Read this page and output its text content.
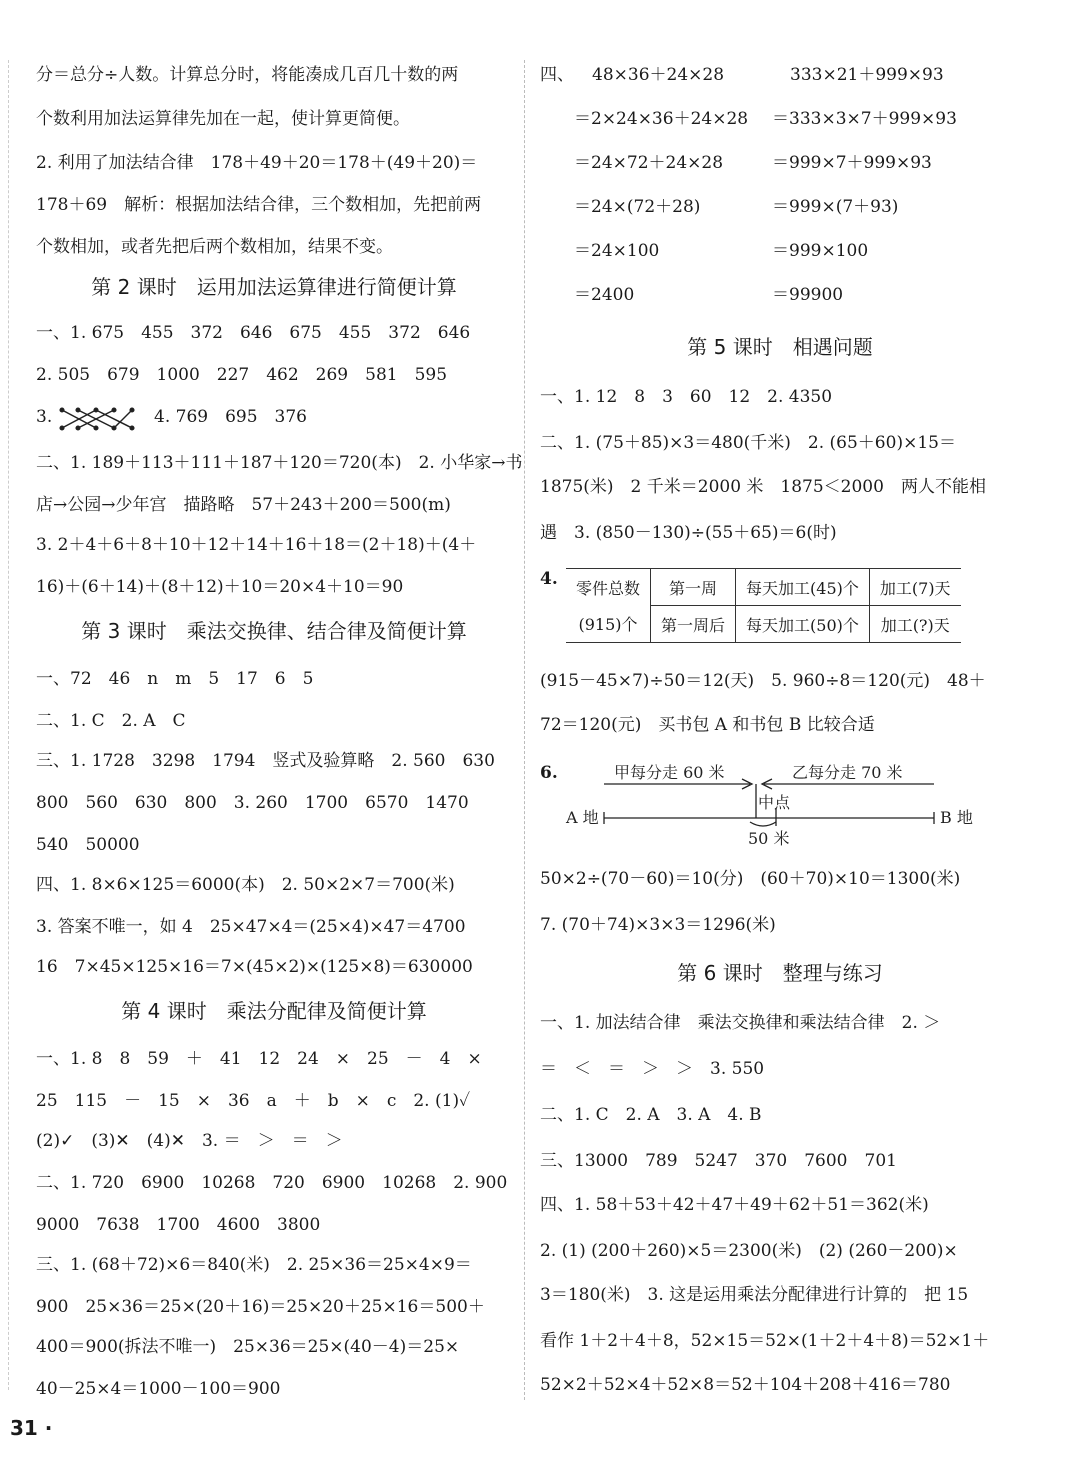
分＝总分÷人数。计算总分时，将能凑成几百几十数的两
个数利用加法运算律先加在一起，使计算更简便。
2. 利用了加法结合律　178＋49＋20＝178＋(49＋20)＝
178＋69　解析：根据加法结合律，三个数相加，先把前两
个数相加，或者先把后两个数相加，结果不变。
第 2 课时　运用加法运算律进行简便计算
一、1. 675　455　372　646　675　455　372　646
2. 505　679　1000　227　462　269　581　595
3.	4. 769　695　376
二、1. 189＋113＋111＋187＋120＝720(本)　2. 小华家→书
店→公园→少年宫　描路略　57＋243＋200＝500(m)
3. 2＋4＋6＋8＋10＋12＋14＋16＋18＝(2＋18)＋(4＋
16)＋(6＋14)＋(8＋12)＋10＝20×4＋10＝90
第 3 课时　乘法交换律、结合律及简便计算
一、72　46　n　m　5　17　6　5
二、1. C　2. A　C
三、1. 1728　3298　1794　竖式及验算略　2. 560　630
800　560　630　800　3. 260　1700　6570　1470
540　50000
四、1. 8×6×125＝6000(本)　2. 50×2×7＝700(米)
3. 答案不唯一，如 4　25×47×4＝(25×4)×47＝4700
16　7×45×125×16＝7×(45×2)×(125×8)＝630000
第 4 课时　乘法分配律及简便计算
一、1. 8　8　59　＋　41　12　24　×　25　－　4　×
25　115　－　15　×　36　a　＋　b　×　c　2. (1)✓
(2)✓　(3)✕　(4)✕　3. ＝　＞　＝　＞
二、1. 720　6900　10268　720　6900　10268　2. 900
9000　7638　1700　4600　3800
三、1. (68＋72)×6＝840(米)　2. 25×36＝25×4×9＝
900　25×36＝25×(20＋16)＝25×20＋25×16＝500＋
400＝900(拆法不唯一)　25×36＝25×(40－4)＝25×
40－25×4＝1000－100＝900
四、 48×36＋24×28
＝2×24×36＋24×28
＝24×72＋24×28
＝24×(72＋28)
＝24×100
＝2400
333×21＋999×93
＝333×3×7＋999×93
＝999×7＋999×93
＝999×(7＋93)
＝999×100
＝99900
第 5 课时　相遇问题
一、1. 12　8　3　60　12　2. 4350
二、1. (75＋85)×3＝480(千米)　2. (65＋60)×15＝
1875(米)　2 千米＝2000 米　1875＜2000　两人不能相
遇　3. (850－130)÷(55＋65)＝6(时)
4. 零件总数	第一周	每天加工(45)个	加工(7)天
(915)个	第一周后	每天加工(50)个	加工(?)天
(915－45×7)÷50＝12(天)　5. 960÷8＝120(元)　48＋
72＝120(元)　买书包 A 和书包 B 比较合适
6.	甲每分走 60 米	乙每分走 70 米
中点
A 地	B 地
50 米
50×2÷(70－60)＝10(分)　(60＋70)×10＝1300(米)
7. (70＋74)×3×3＝1296(米)
第 6 课时　整理与练习
一、1. 加法结合律　乘法交换律和乘法结合律　2. ＞
＝　＜　＝　＞　＞　3. 550
二、1. C　2. A　3. A　4. B
三、13000　789　5247　370　7600　701
四、1. 58＋53＋42＋47＋49＋62＋51＝362(米)
2. (1) (200＋260)×5＝2300(米)　(2) (260－200)×
3＝180(米)　3. 这是运用乘法分配律进行计算的　把 15
看作 1＋2＋4＋8，52×15＝52×(1＋2＋4＋8)＝52×1＋
52×2＋52×4＋52×8＝52＋104＋208＋416＝780
31 ·
